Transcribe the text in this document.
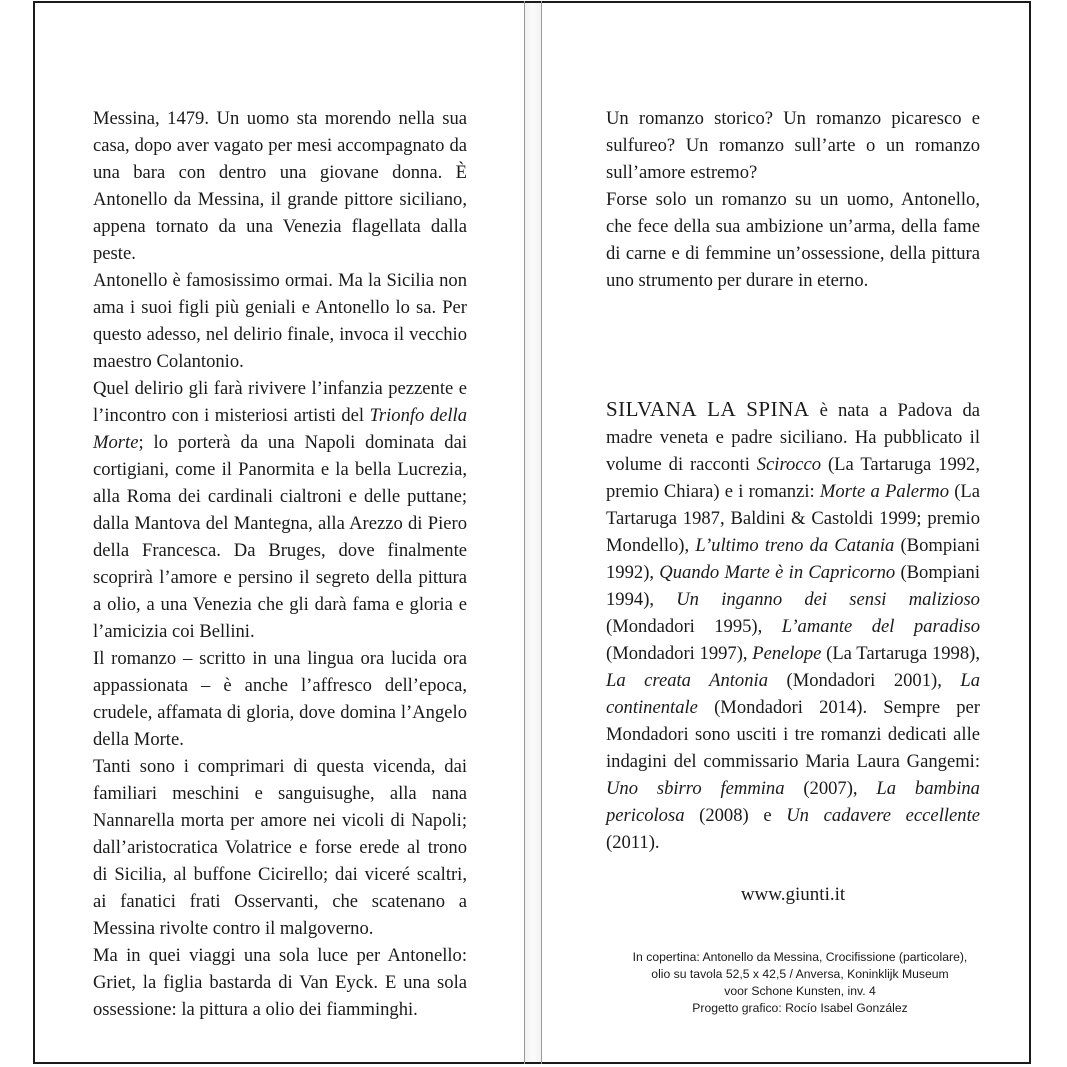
Messina, 1479. Un uomo sta morendo nella sua casa, dopo aver vagato per mesi accompagnato da una bara con dentro una giovane donna. È Antonello da Messina, il grande pittore siciliano, appena tornato da una Venezia flagellata dalla peste.

Antonello è famosissimo ormai. Ma la Sicilia non ama i suoi figli più geniali e Antonello lo sa. Per questo adesso, nel delirio finale, invoca il vecchio maestro Colantonio.

Quel delirio gli farà rivivere l’infanzia pezzente e l’incontro con i misteriosi artisti del Trionfo della Morte; lo porterà da una Napoli dominata dai cortigiani, come il Panormita e la bella Lucrezia, alla Roma dei cardinali cialtroni e delle puttane; dalla Mantova del Mantegna, alla Arezzo di Piero della Francesca. Da Bruges, dove finalmente scoprirà l’amore e persino il segreto della pittura a olio, a una Venezia che gli darà fama e gloria e l’amicizia coi Bellini.

Il romanzo – scritto in una lingua ora lucida ora appassionata – è anche l’affresco dell’epoca, crudele, affamata di gloria, dove domina l’Angelo della Morte.

Tanti sono i comprimari di questa vicenda, dai familiari meschini e sanguisughe, alla nana Nannarella morta per amore nei vicoli di Napoli; dall’aristocratica Volatrice e forse erede al trono di Sicilia, al buffone Cicirello; dai viceré scaltri, ai fanatici frati Osservanti, che scatenano a Messina rivolte contro il malgoverno.

Ma in quei viaggi una sola luce per Antonello: Griet, la figlia bastarda di Van Eyck. E una sola ossessione: la pittura a olio dei fiamminghi.

Un romanzo storico? Un romanzo picaresco e sulfureo? Un romanzo sull’arte o un romanzo sull’amore estremo?

Forse solo un romanzo su un uomo, Antonello, che fece della sua ambizione un’arma, della fame di carne e di femmine un’ossessione, della pittura uno strumento per durare in eterno.

SILVANA LA SPINA è nata a Padova da madre veneta e padre siciliano. Ha pubblicato il volume di racconti Scirocco (La Tartaruga 1992, premio Chiara) e i romanzi: Morte a Palermo (La Tartaruga 1987, Baldini & Castoldi 1999; premio Mondello), L’ultimo treno da Catania (Bompiani 1992), Quando Marte è in Capricorno (Bompiani 1994), Un inganno dei sensi malizioso (Mondadori 1995), L’amante del paradiso (Mondadori 1997), Penelope (La Tartaruga 1998), La creata Antonia (Mondadori 2001), La continentale (Mondadori 2014). Sempre per Mondadori sono usciti i tre romanzi dedicati alle indagini del commissario Maria Laura Gangemi: Uno sbirro femmina (2007), La bambina pericolosa (2008) e Un cadavere eccellente (2011).

www.giunti.it

In copertina: Antonello da Messina, Crocifissione (particolare),

olio su tavola 52,5 x 42,5 / Anversa, Koninklijk Museum

voor Schone Kunsten, inv. 4

Progetto grafico: Rocío Isabel González
